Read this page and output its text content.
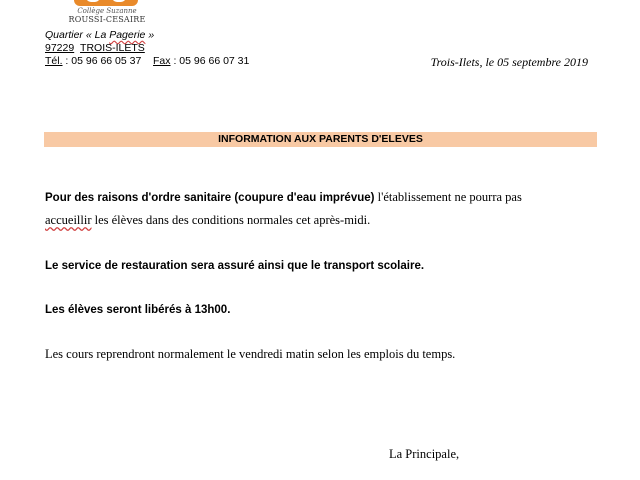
Collège Suzanne
ROUSSI-CESAIRE
Quartier « La Pagerie »
97229 TROIS-ILETS
Tél. : 05 96 66 05 37    Fax : 05 96 66 07 31	Trois-Ilets, le 05 septembre 2019
INFORMATION AUX PARENTS D'ELEVES
Pour des raisons d'ordre sanitaire (coupure d'eau imprévue) l'établissement ne pourra pas
accueillir les élèves dans des conditions normales cet après-midi.
Le service de restauration sera assuré ainsi que le transport scolaire.
Les élèves seront libérés à 13h00.
Les cours reprendront normalement le vendredi matin selon les emplois du temps.
La Principale,
